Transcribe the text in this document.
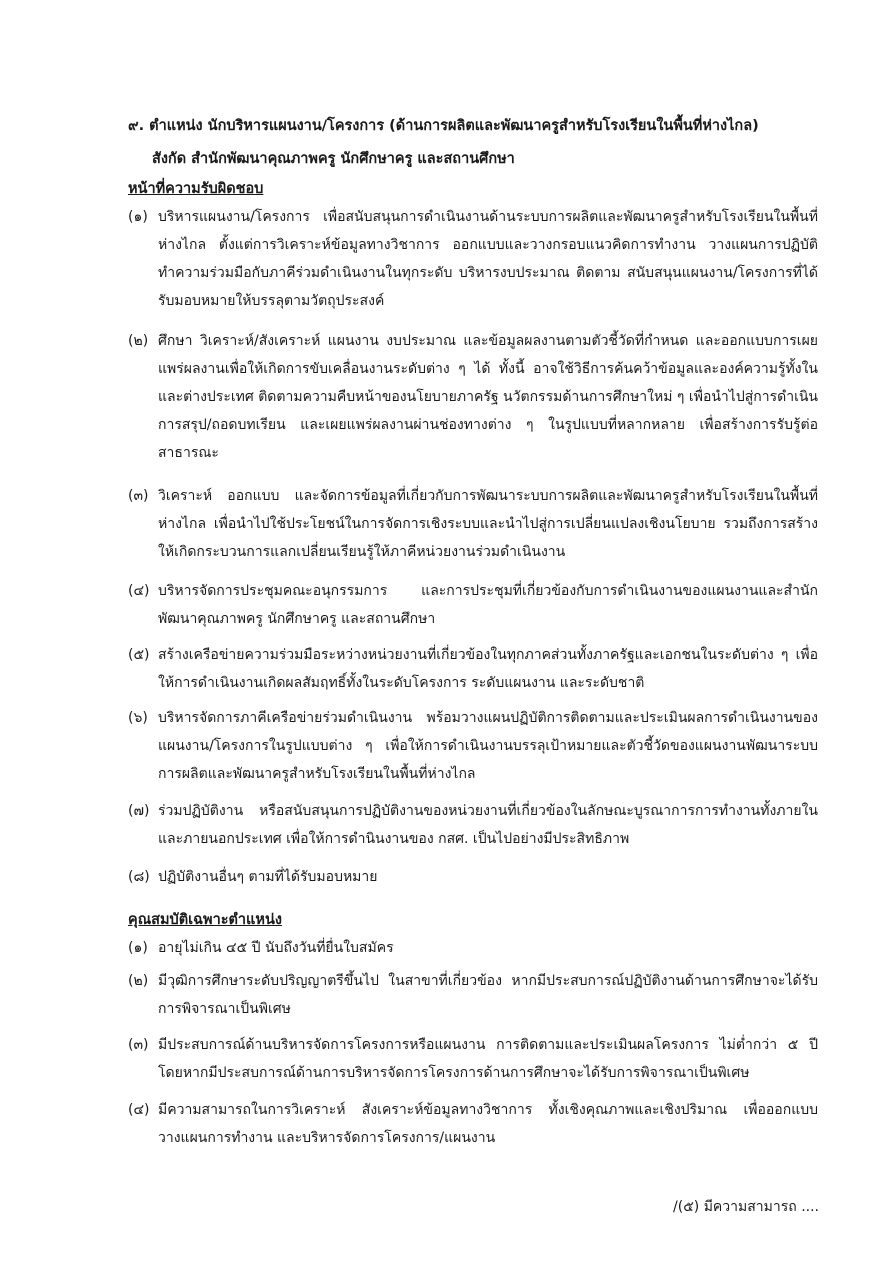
๙. ตำแหน่ง นักบริหารแผนงาน/โครงการ (ด้านการผลิตและพัฒนาครูสำหรับโรงเรียนในพื้นที่ห่างไกล)
สังกัด สำนักพัฒนาคุณภาพครู นักศึกษาครู และสถานศึกษา
หน้าที่ความรับผิดชอบ
(๑) บริหารแผนงาน/โครงการ เพื่อสนับสนุนการดำเนินงานด้านระบบการผลิตและพัฒนาครูสำหรับโรงเรียนในพื้นที่ห่างไกล ตั้งแต่การวิเคราะห์ข้อมูลทางวิชาการ ออกแบบและวางกรอบแนวคิดการทำงาน วางแผนการปฏิบัติ ทำความร่วมมือกับภาคีร่วมดำเนินงานในทุกระดับ บริหารงบประมาณ ติดตาม สนับสนุนแผนงาน/โครงการที่ได้รับมอบหมายให้บรรลุตามวัตถุประสงค์
(๒) ศึกษา วิเคราะห์/สังเคราะห์ แผนงาน งบประมาณ และข้อมูลผลงานตามตัวชี้วัดที่กำหนด และออกแบบการเผยแพร่ผลงานเพื่อให้เกิดการขับเคลื่อนงานระดับต่าง ๆ ได้ ทั้งนี้ อาจใช้วิธีการค้นคว้าข้อมูลและองค์ความรู้ทั้งในและต่างประเทศ ติดตามความคืบหน้าของนโยบายภาครัฐ นวัตกรรมด้านการศึกษาใหม่ ๆ เพื่อนำไปสู่การดำเนินการสรุป/ถอดบทเรียน และเผยแพร่ผลงานผ่านช่องทางต่าง ๆ ในรูปแบบที่หลากหลาย เพื่อสร้างการรับรู้ต่อสาธารณะ
(๓) วิเคราะห์ ออกแบบ และจัดการข้อมูลที่เกี่ยวกับการพัฒนาระบบการผลิตและพัฒนาครูสำหรับโรงเรียนในพื้นที่ห่างไกล เพื่อนำไปใช้ประโยชน์ในการจัดการเชิงระบบและนำไปสู่การเปลี่ยนแปลงเชิงนโยบาย รวมถึงการสร้างให้เกิดกระบวนการแลกเปลี่ยนเรียนรู้ให้ภาคีหน่วยงานร่วมดำเนินงาน
(๔) บริหารจัดการประชุมคณะอนุกรรมการ และการประชุมที่เกี่ยวข้องกับการดำเนินงานของแผนงานและสำนักพัฒนาคุณภาพครู นักศึกษาครู และสถานศึกษา
(๕) สร้างเครือข่ายความร่วมมือระหว่างหน่วยงานที่เกี่ยวข้องในทุกภาคส่วนทั้งภาครัฐและเอกชนในระดับต่าง ๆ เพื่อให้การดำเนินงานเกิดผลสัมฤทธิ์ทั้งในระดับโครงการ ระดับแผนงาน และระดับชาติ
(๖) บริหารจัดการภาคีเครือข่ายร่วมดำเนินงาน พร้อมวางแผนปฏิบัติการติดตามและประเมินผลการดำเนินงานของแผนงาน/โครงการในรูปแบบต่าง ๆ เพื่อให้การดำเนินงานบรรลุเป้าหมายและตัวชี้วัดของแผนงานพัฒนาระบบการผลิตและพัฒนาครูสำหรับโรงเรียนในพื้นที่ห่างไกล
(๗) ร่วมปฏิบัติงาน หรือสนับสนุนการปฏิบัติงานของหน่วยงานที่เกี่ยวข้องในลักษณะบูรณาการการทำงานทั้งภายในและภายนอกประเทศ เพื่อให้การดำนินงานของ กสศ. เป็นไปอย่างมีประสิทธิภาพ
(๘) ปฏิบัติงานอื่นๆ ตามที่ได้รับมอบหมาย
คุณสมบัติเฉพาะตำแหน่ง
(๑) อายุไม่เกิน ๔๕ ปี นับถึงวันที่ยื่นใบสมัคร
(๒) มีวุฒิการศึกษาระดับปริญญาตรีขึ้นไป ในสาขาที่เกี่ยวข้อง หากมีประสบการณ์ปฏิบัติงานด้านการศึกษาจะได้รับการพิจารณาเป็นพิเศษ
(๓) มีประสบการณ์ด้านบริหารจัดการโครงการหรือแผนงาน การติดตามและประเมินผลโครงการ ไม่ต่ำกว่า ๕ ปี โดยหากมีประสบการณ์ด้านการบริหารจัดการโครงการด้านการศึกษาจะได้รับการพิจารณาเป็นพิเศษ
(๔) มีความสามารถในการวิเคราะห์ สังเคราะห์ข้อมูลทางวิชาการ ทั้งเชิงคุณภาพและเชิงปริมาณ เพื่อออกแบบ วางแผนการทำงาน และบริหารจัดการโครงการ/แผนงาน
/(๕) มีความสามารถ ....
